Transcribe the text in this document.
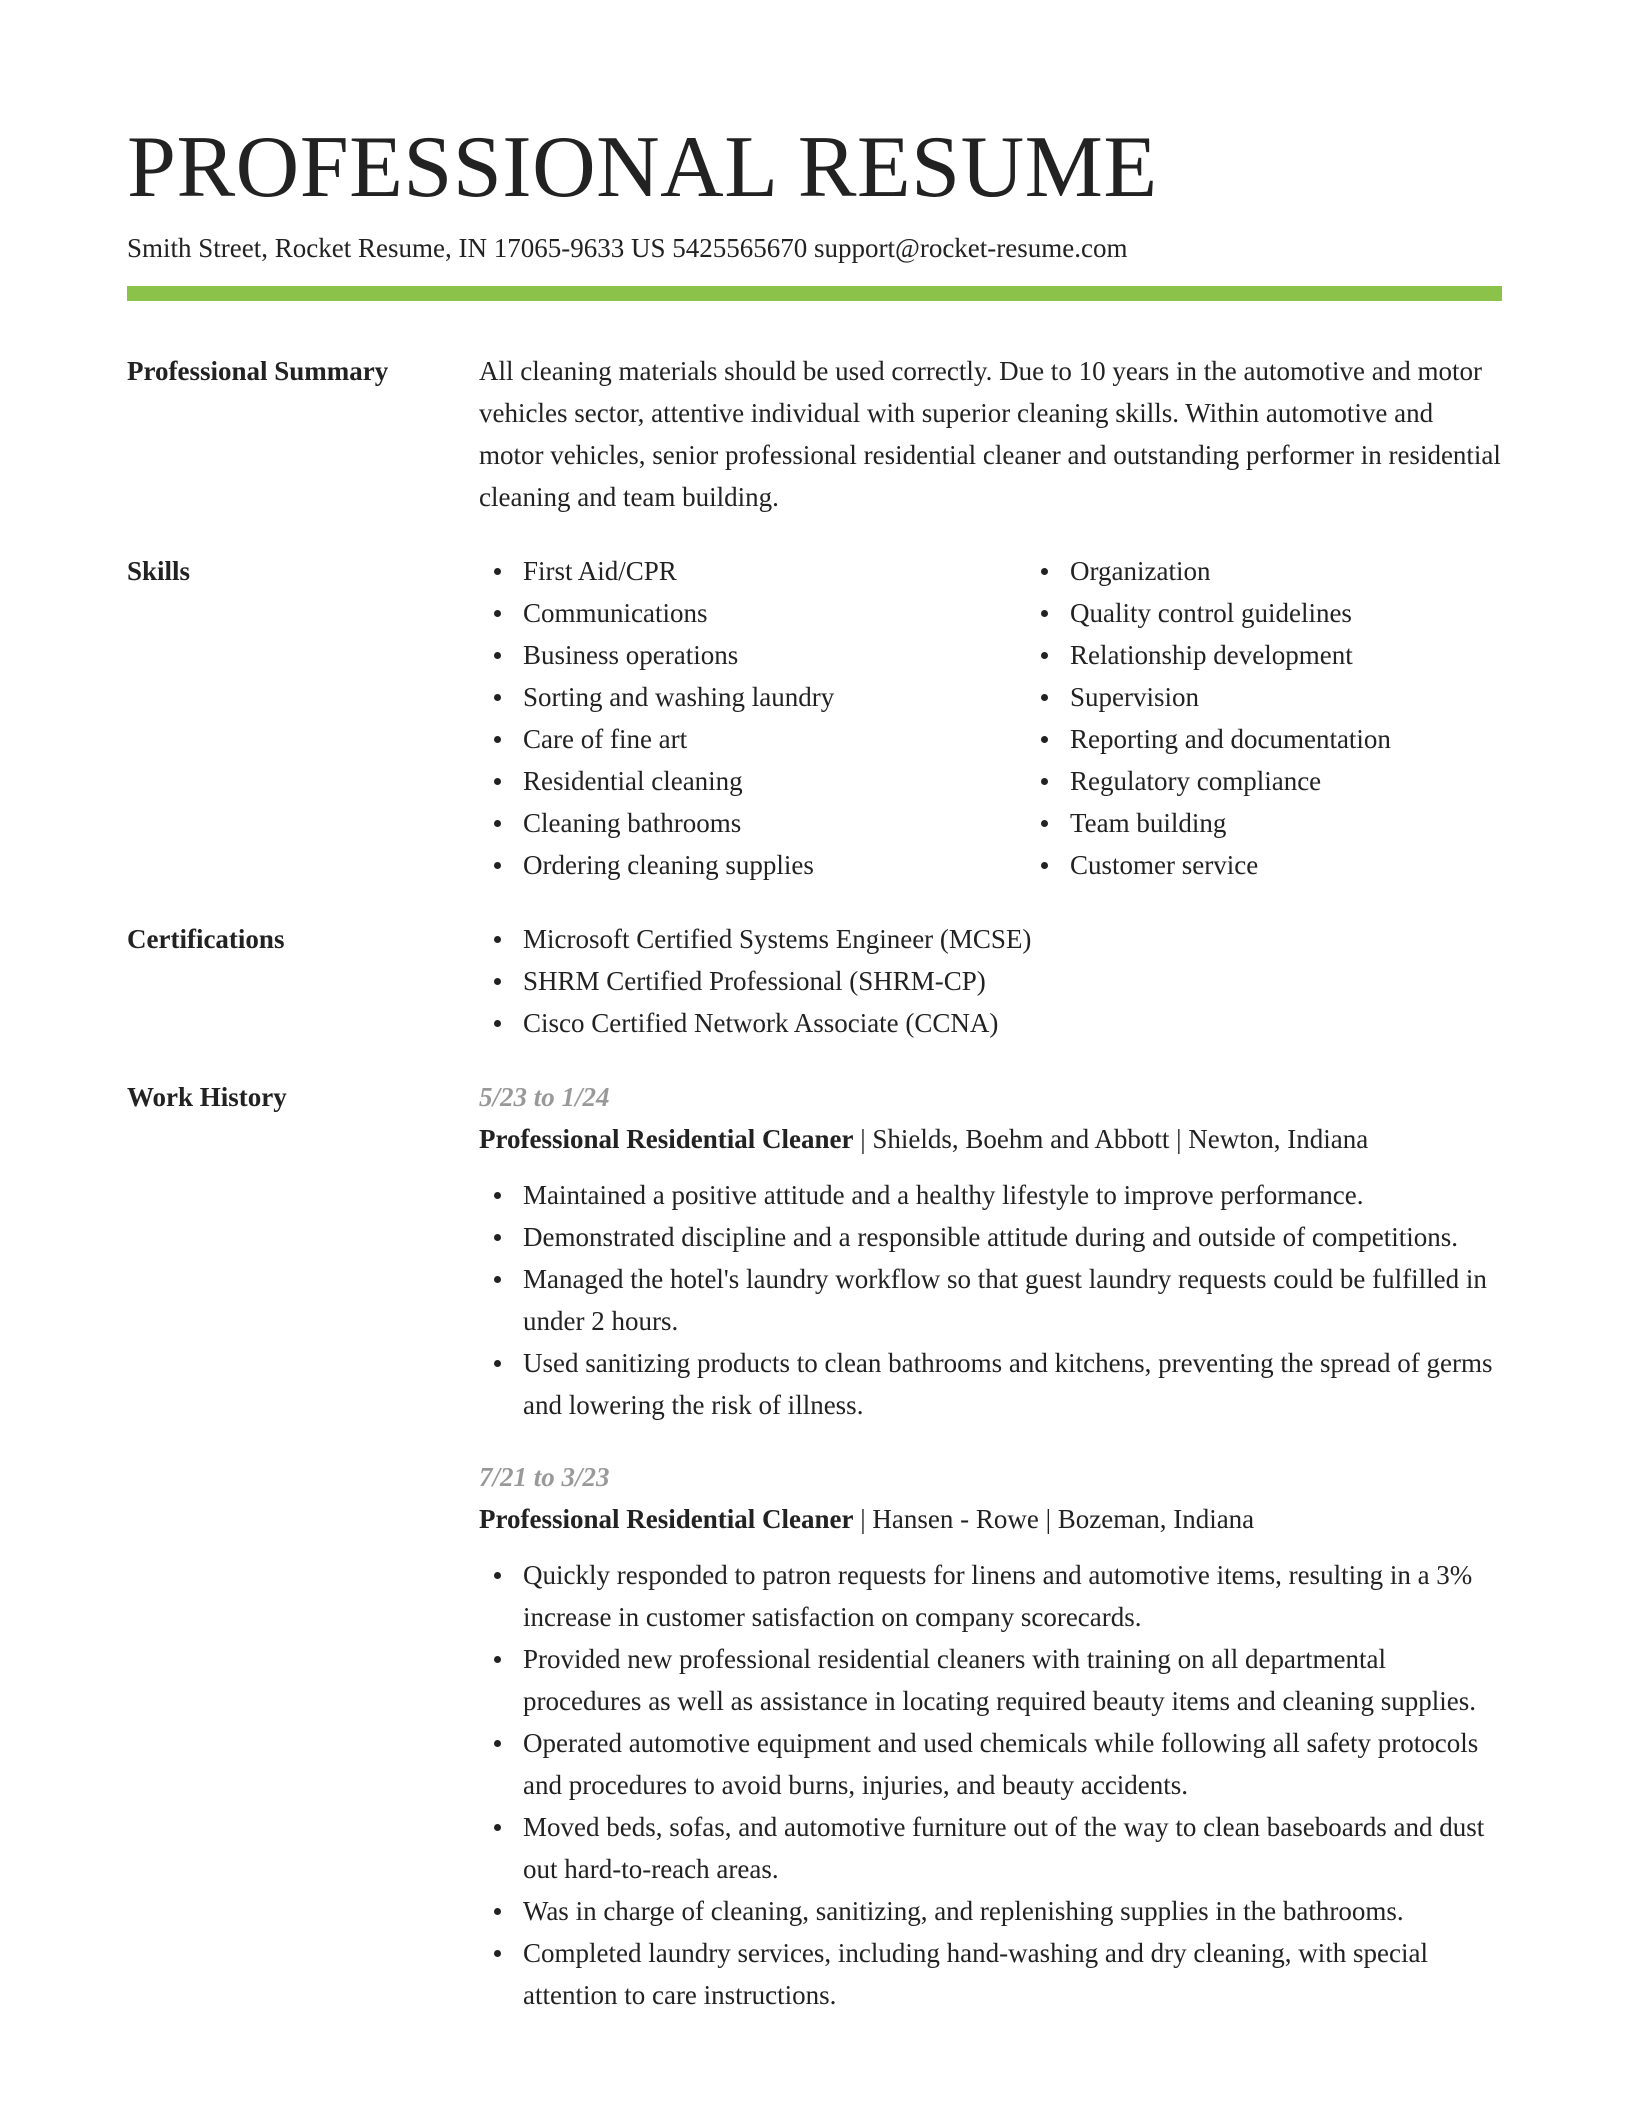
PROFESSIONAL RESUME
Smith Street, Rocket Resume, IN 17065-9633 US 5425565670 support@rocket-resume.com
Professional Summary	All cleaning materials should be used correctly. Due to 10 years in the automotive and motor vehicles sector, attentive individual with superior cleaning skills. Within automotive and motor vehicles, senior professional residential cleaner and outstanding performer in residential cleaning and team building.

Skills	First Aid/CPR
Communications
Business operations
Sorting and washing laundry
Care of fine art
Residential cleaning
Cleaning bathrooms
Ordering cleaning supplies
Organization
Quality control guidelines
Relationship development
Supervision
Reporting and documentation
Regulatory compliance
Team building
Customer service
Certifications	Microsoft Certified Systems Engineer (MCSE)
SHRM Certified Professional (SHRM-CP)
Cisco Certified Network Associate (CCNA)
Work History	5/23 to 1/24
Professional Residential Cleaner | Shields, Boehm and Abbott | Newton, Indiana
Maintained a positive attitude and a healthy lifestyle to improve performance.
Demonstrated discipline and a responsible attitude during and outside of competitions.
Managed the hotel's laundry workflow so that guest laundry requests could be fulfilled in under 2 hours.
Used sanitizing products to clean bathrooms and kitchens, preventing the spread of germs and lowering the risk of illness.
7/21 to 3/23
Professional Residential Cleaner | Hansen - Rowe | Bozeman, Indiana
Quickly responded to patron requests for linens and automotive items, resulting in a 3% increase in customer satisfaction on company scorecards.
Provided new professional residential cleaners with training on all departmental procedures as well as assistance in locating required beauty items and cleaning supplies.
Operated automotive equipment and used chemicals while following all safety protocols and procedures to avoid burns, injuries, and beauty accidents.
Moved beds, sofas, and automotive furniture out of the way to clean baseboards and dust out hard-to-reach areas.
Was in charge of cleaning, sanitizing, and replenishing supplies in the bathrooms.
Completed laundry services, including hand-washing and dry cleaning, with special attention to care instructions.
